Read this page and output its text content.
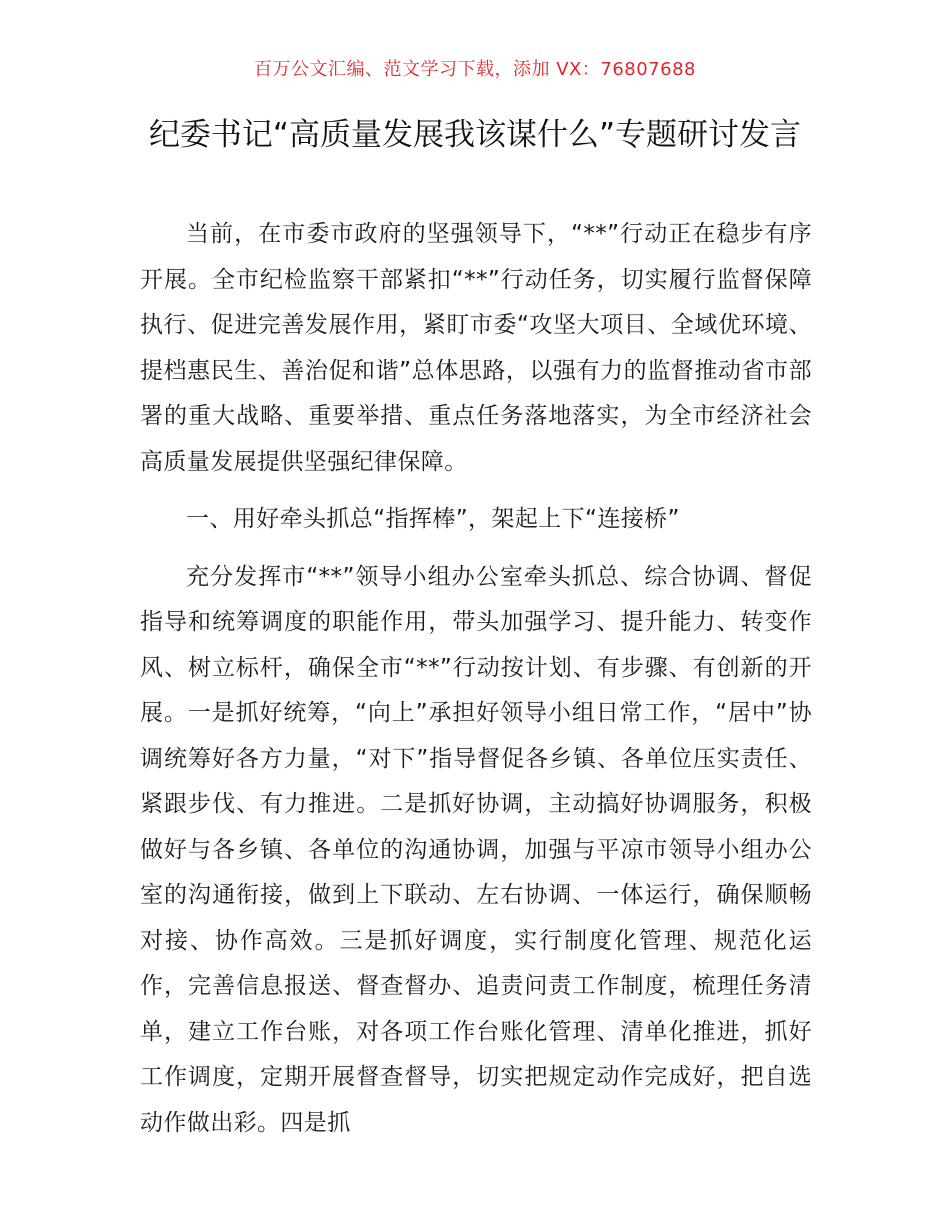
百万公文汇编、范文学习下载，添加 VX：76807688
纪委书记“高质量发展我该谋什么”专题研讨发言

当前，在市委市政府的坚强领导下，“**”行动正在稳步有序开展。全市纪检监察干部紧扣“**”行动任务，切实履行监督保障执行、促进完善发展作用，紧盯市委“攻坚大项目、全域优环境、提档惠民生、善治促和谐”总体思路，以强有力的监督推动省市部署的重大战略、重要举措、重点任务落地落实，为全市经济社会高质量发展提供坚强纪律保障。

一、用好牵头抓总“指挥棒”，架起上下“连接桥”

充分发挥市“**”领导小组办公室牵头抓总、综合协调、督促指导和统筹调度的职能作用，带头加强学习、提升能力、转变作风、树立标杆，确保全市“**”行动按计划、有步骤、有创新的开展。一是抓好统筹，“向上”承担好领导小组日常工作，“居中”协调统筹好各方力量，“对下”指导督促各乡镇、各单位压实责任、紧跟步伐、有力推进。二是抓好协调，主动搞好协调服务，积极做好与各乡镇、各单位的沟通协调，加强与平凉市领导小组办公室的沟通衔接，做到上下联动、左右协调、一体运行，确保顺畅对接、协作高效。三是抓好调度，实行制度化管理、规范化运作，完善信息报送、督查督办、追责问责工作制度，梳理任务清单，建立工作台账，对各项工作台账化管理、清单化推进，抓好工作调度，定期开展督查督导，切实把规定动作完成好，把自选动作做出彩。四是抓
